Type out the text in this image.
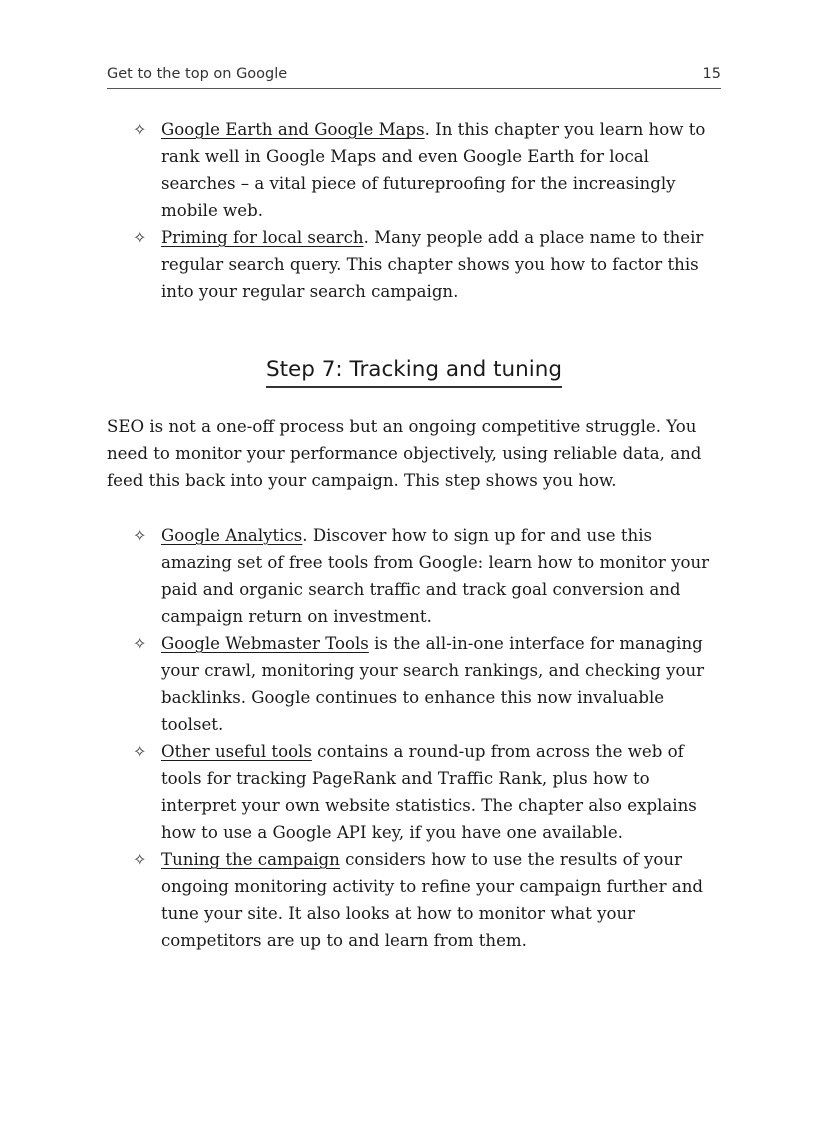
Get to the top on Google	15
✧ Google Earth and Google Maps. In this chapter you learn how to rank well in Google Maps and even Google Earth for local searches – a vital piece of futureproofing for the increasingly mobile web.
✧ Priming for local search. Many people add a place name to their regular search query. This chapter shows you how to factor this into your regular search campaign.
Step 7: Tracking and tuning

SEO is not a one-off process but an ongoing competitive struggle. You need to monitor your performance objectively, using reliable data, and feed this back into your campaign. This step shows you how.

✧ Google Analytics. Discover how to sign up for and use this amazing set of free tools from Google: learn how to monitor your paid and organic search traffic and track goal conversion and campaign return on investment.
✧ Google Webmaster Tools is the all-in-one interface for managing your crawl, monitoring your search rankings, and checking your backlinks. Google continues to enhance this now invaluable toolset.
✧ Other useful tools contains a round-up from across the web of tools for tracking PageRank and Traffic Rank, plus how to interpret your own website statistics. The chapter also explains how to use a Google API key, if you have one available.
✧ Tuning the campaign considers how to use the results of your ongoing monitoring activity to refine your campaign further and tune your site. It also looks at how to monitor what your competitors are up to and learn from them.
